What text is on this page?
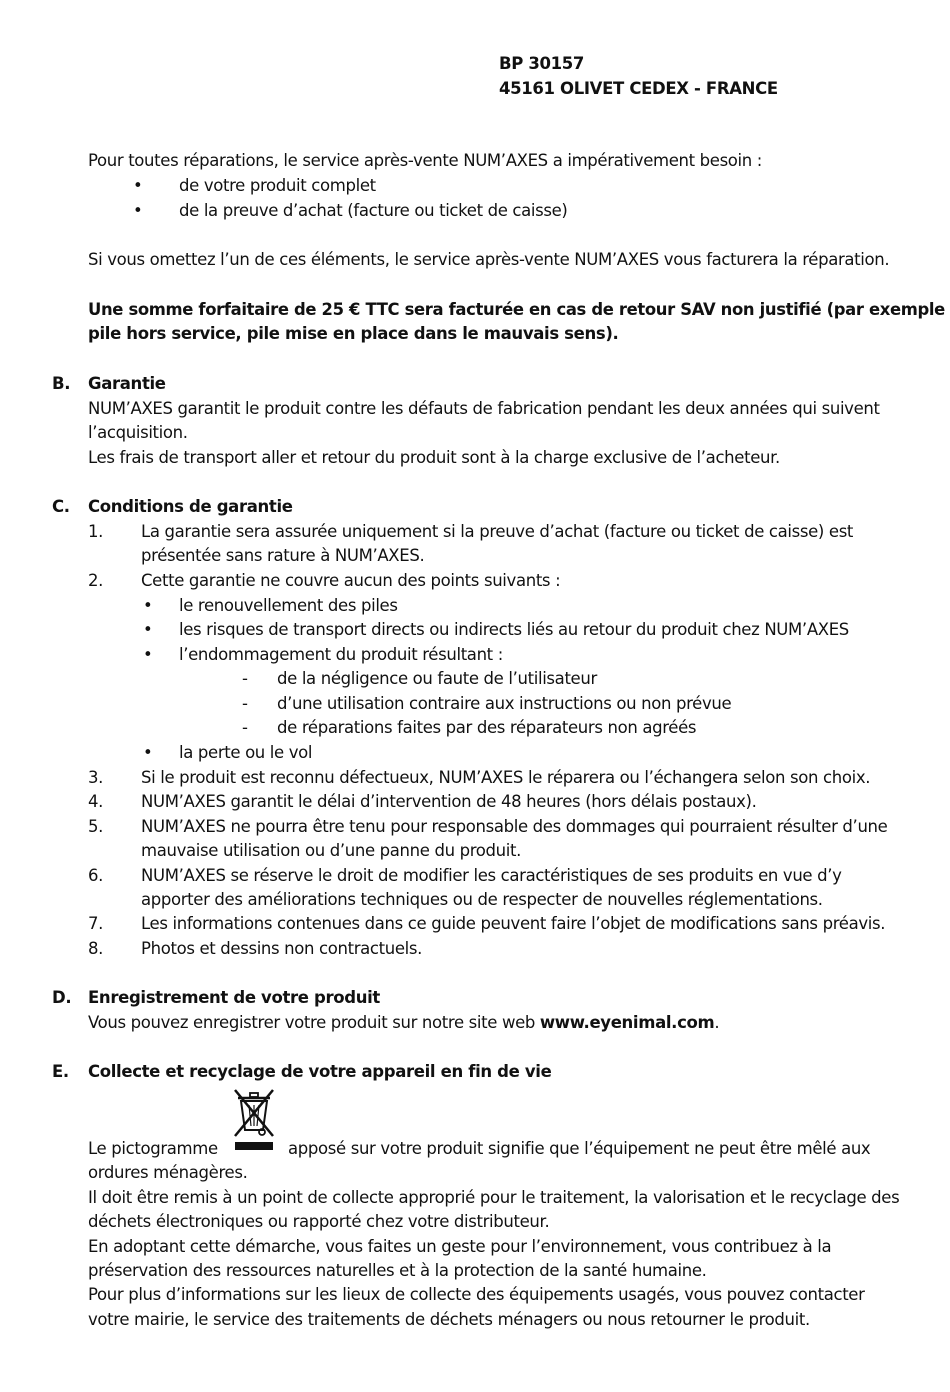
BP 30157
45161 OLIVET CEDEX - FRANCE
Pour toutes réparations, le service après-vente NUM’AXES a impérativement besoin :
• de votre produit complet
• de la preuve d’achat (facture ou ticket de caisse)
Si vous omettez l’un de ces éléments, le service après-vente NUM’AXES vous facturera la réparation.
Une somme forfaitaire de 25 € TTC sera facturée en cas de retour SAV non justifié (par exemple
pile hors service, pile mise en place dans le mauvais sens).
B. Garantie
NUM’AXES garantit le produit contre les défauts de fabrication pendant les deux années qui suivent
l’acquisition.
Les frais de transport aller et retour du produit sont à la charge exclusive de l’acheteur.
C. Conditions de garantie
1. La garantie sera assurée uniquement si la preuve d’achat (facture ou ticket de caisse) est
présentée sans rature à NUM’AXES.
2. Cette garantie ne couvre aucun des points suivants :
• le renouvellement des piles
• les risques de transport directs ou indirects liés au retour du produit chez NUM’AXES
• l’endommagement du produit résultant :
- de la négligence ou faute de l’utilisateur
- d’une utilisation contraire aux instructions ou non prévue
- de réparations faites par des réparateurs non agréés
• la perte ou le vol
3. Si le produit est reconnu défectueux, NUM’AXES le réparera ou l’échangera selon son choix.
4. NUM’AXES garantit le délai d’intervention de 48 heures (hors délais postaux).
5. NUM’AXES ne pourra être tenu pour responsable des dommages qui pourraient résulter d’une
mauvaise utilisation ou d’une panne du produit.
6. NUM’AXES se réserve le droit de modifier les caractéristiques de ses produits en vue d’y
apporter des améliorations techniques ou de respecter de nouvelles réglementations.
7. Les informations contenues dans ce guide peuvent faire l’objet de modifications sans préavis.
8. Photos et dessins non contractuels.
D. Enregistrement de votre produit
Vous pouvez enregistrer votre produit sur notre site web www.eyenimal.com.
E. Collecte et recyclage de votre appareil en fin de vie
Le pictogramme	apposé sur votre produit signifie que l’équipement ne peut être mêlé aux
ordures ménagères.
Il doit être remis à un point de collecte approprié pour le traitement, la valorisation et le recyclage des
déchets électroniques ou rapporté chez votre distributeur.
En adoptant cette démarche, vous faites un geste pour l’environnement, vous contribuez à la
préservation des ressources naturelles et à la protection de la santé humaine.
Pour plus d’informations sur les lieux de collecte des équipements usagés, vous pouvez contacter
votre mairie, le service des traitements de déchets ménagers ou nous retourner le produit.
